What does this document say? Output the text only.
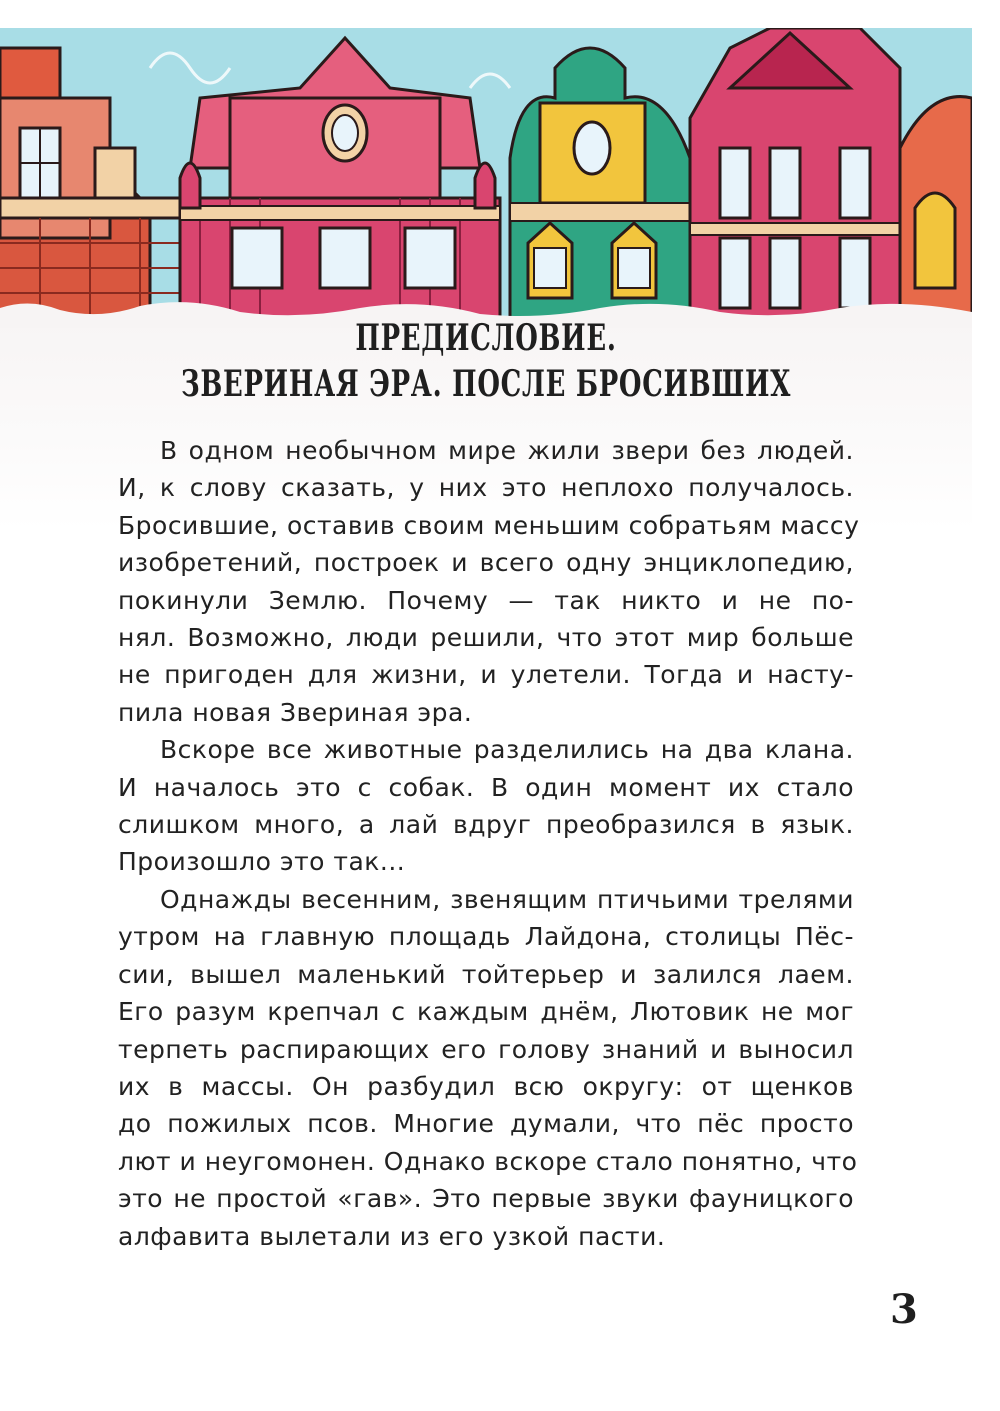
ПРЕДИСЛОВИЕ.
ЗВЕРИНАЯ ЭРА. ПОСЛЕ БРОСИВШИХ

В одном необычном мире жили звери без людей.
И, к слову сказать, у них это неплохо получалось.
Бросившие, оставив своим меньшим собратьям массу
изобретений, построек и всего одну энциклопедию,
покинули Землю. Почему — так никто и не по-
нял. Возможно, люди решили, что этот мир больше
не пригоден для жизни, и улетели. Тогда и насту-
пила новая Звериная эра.

Вскоре все животные разделились на два клана.
И началось это с собак. В один момент их стало
слишком много, а лай вдруг преобразился в язык.
Произошло это так...

Однажды весенним, звенящим птичьими трелями
утром на главную площадь Лайдона, столицы Пёс-
сии, вышел маленький тойтерьер и залился лаем.
Его разум крепчал с каждым днём, Лютовик не мог
терпеть распирающих его голову знаний и выносил
их в массы. Он разбудил всю округу: от щенков
до пожилых псов. Многие думали, что пёс просто
лют и неугомонен. Однако вскоре стало понятно, что
это не простой «гав». Это первые звуки фауницкого
алфавита вылетали из его узкой пасти.

3
